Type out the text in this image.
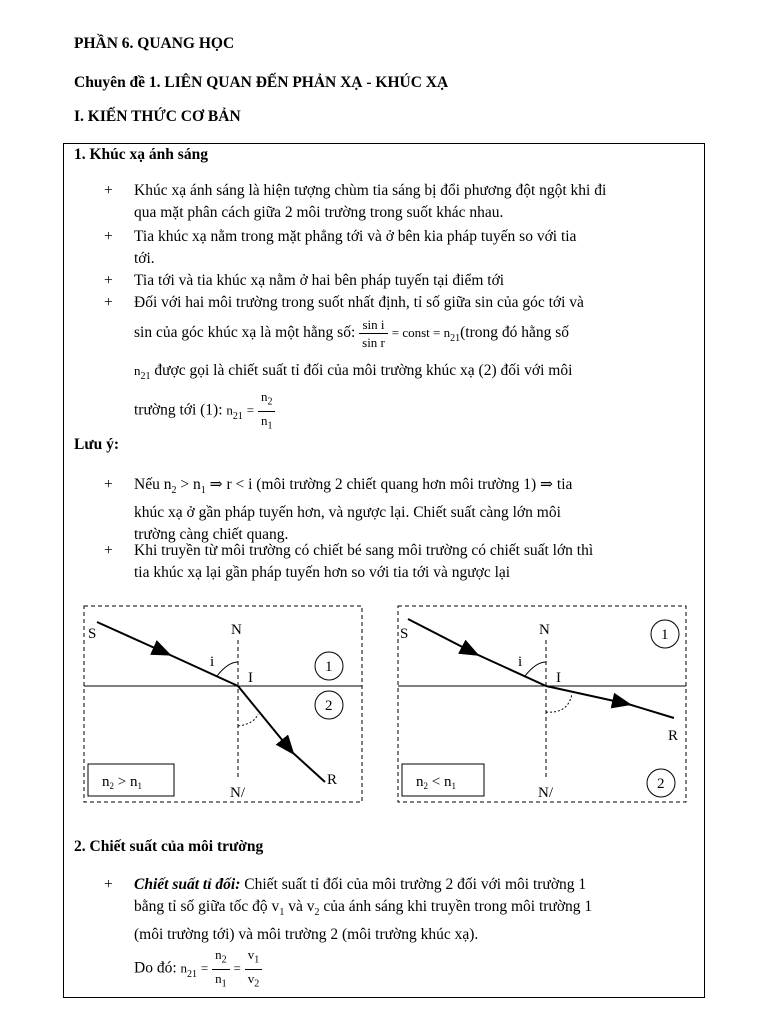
PHẦN 6. QUANG HỌC
Chuyên đề 1. LIÊN QUAN ĐẾN PHẢN XẠ - KHÚC XẠ
I. KIẾN THỨC CƠ BẢN
1. Khúc xạ ánh sáng
+ Khúc xạ ánh sáng là hiện tượng chùm tia sáng bị đổi phương đột ngột khi đi
qua mặt phân cách giữa 2 môi trường trong suốt khác nhau.
+ Tia khúc xạ nằm trong mặt phẳng tới và ở bên kia pháp tuyến so với tia
tới.
+ Tia tới và tia khúc xạ nằm ở hai bên pháp tuyến tại điểm tới
+ Đối với hai môi trường trong suốt nhất định, tỉ số giữa sin của góc tới và
sin của góc khúc xạ là một hằng số: $\frac{\text{sin i}}{\text{sin r}}$ = const = $n_{21}(trong$ đó hằng số
$n_{21}$ được gọi là chiết suất tỉ đối của môi trường khúc xạ (2) đối với môi
trường tới (1): $n_{21} = \frac{n_2}{n_1}$
Lưu ý:
+ Nếu $n_2 > n_1$ ⇒ r < i (môi trường 2 chiết quang hơn môi trường 1) ⇒ tia
khúc xạ ở gần pháp tuyến hơn, và ngược lại. Chiết suất càng lớn môi
trường càng chiết quang.
+ Khi truyền từ môi trường có chiết bé sang môi trường có chiết suất lớn thì
tia khúc xạ lại gần pháp tuyến hơn so với tia tới và ngược lại
S	N
i
I
1
2
R
N/
$n_2 > n_1$
S	N
i
I
1
2
R
N/
$n_2 < n_1$
2. Chiết suất của môi trường
+ Chiết suất tỉ đối: Chiết suất tỉ đối của môi trường 2 đối với môi trường 1
bằng tỉ số giữa tốc độ $v_1$ và $v_2$ của ánh sáng khi truyền trong môi trường 1
(môi trường tới) và môi trường 2 (môi trường khúc xạ).
Do đó: $n_{21} = \frac{n_2}{n_1} = \frac{v_1}{v_2}$
